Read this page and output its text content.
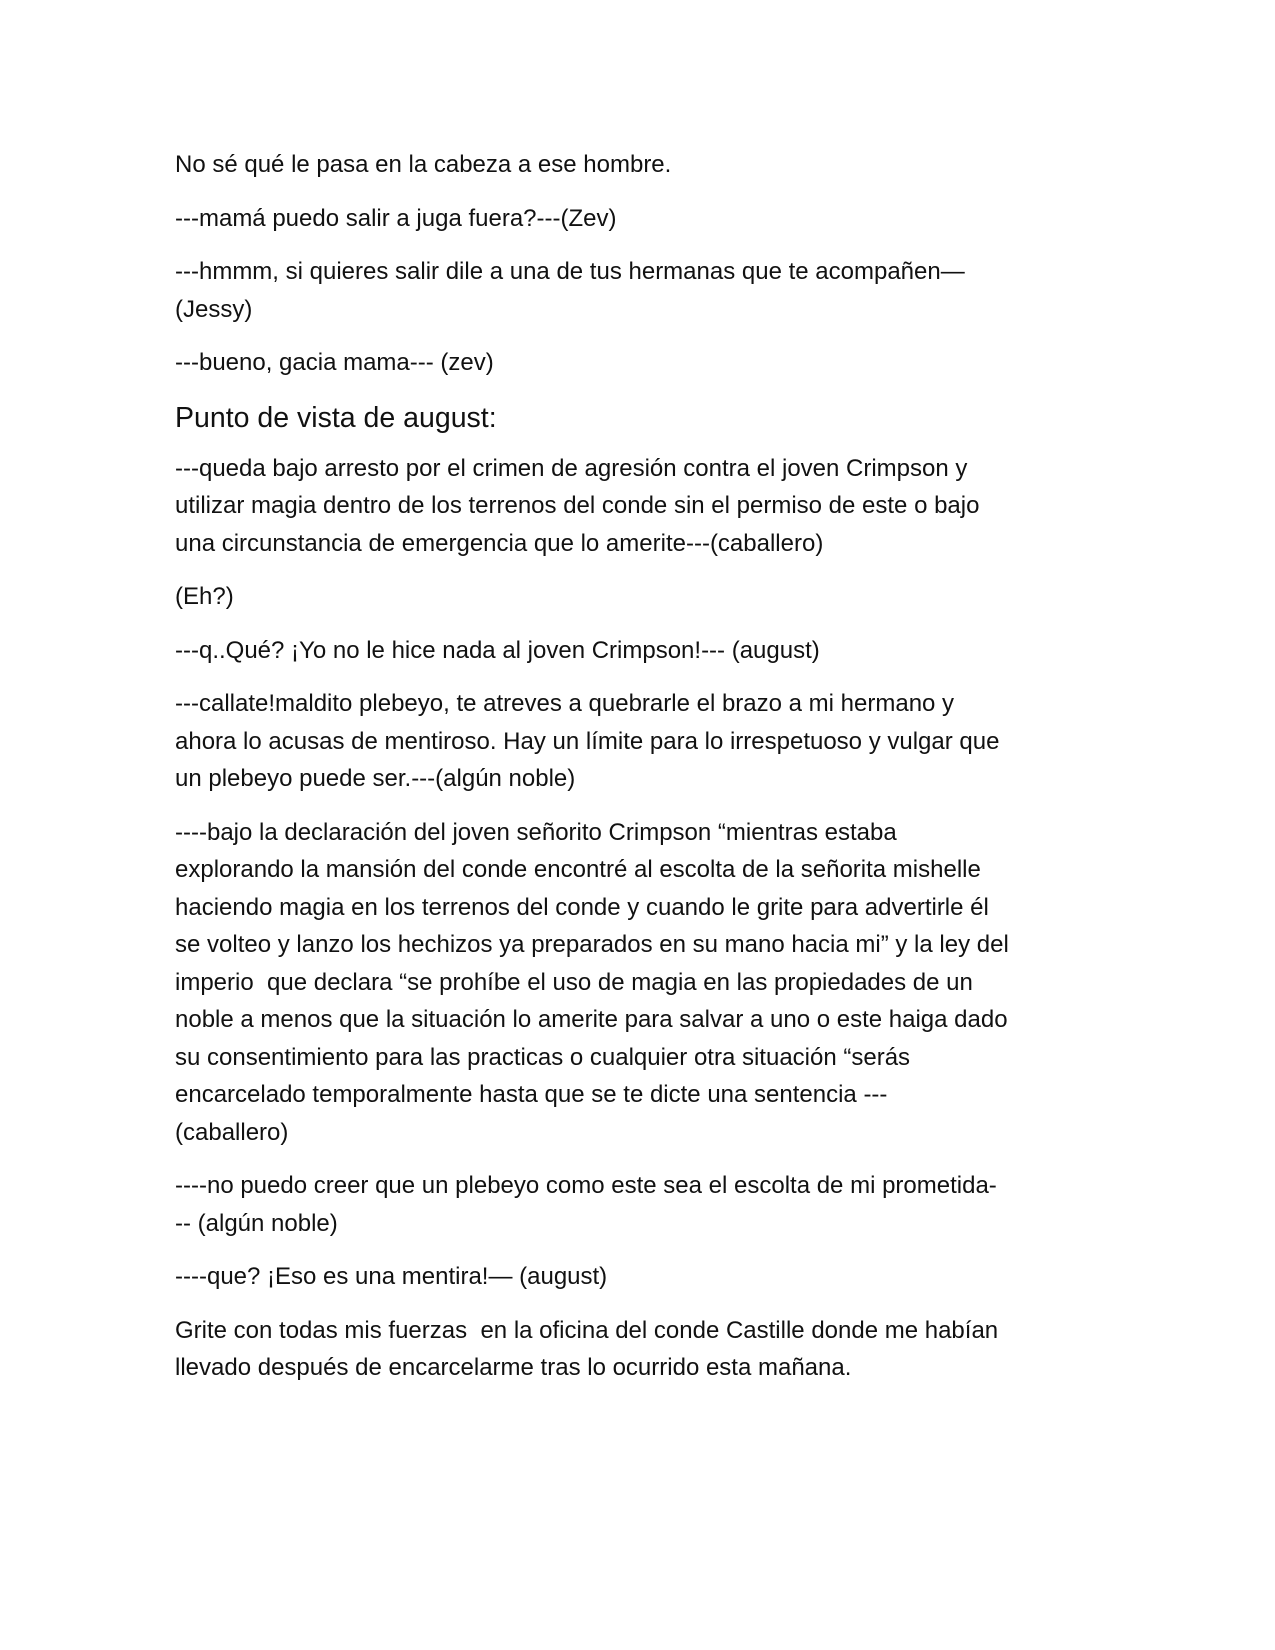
No sé qué le pasa en la cabeza a ese hombre.

---mamá puedo salir a juga fuera?---(Zev)

---hmmm, si quieres salir dile a una de tus hermanas que te acompañen—
(Jessy)

---bueno, gacia mama--- (zev)

Punto de vista de august:

---queda bajo arresto por el crimen de agresión contra el joven Crimpson y
utilizar magia dentro de los terrenos del conde sin el permiso de este o bajo
una circunstancia de emergencia que lo amerite---(caballero)

(Eh?)

---q..Qué? ¡Yo no le hice nada al joven Crimpson!--- (august)

---callate!maldito plebeyo, te atreves a quebrarle el brazo a mi hermano y
ahora lo acusas de mentiroso. Hay un límite para lo irrespetuoso y vulgar que
un plebeyo puede ser.---(algún noble)

----bajo la declaración del joven señorito Crimpson “mientras estaba
explorando la mansión del conde encontré al escolta de la señorita mishelle
haciendo magia en los terrenos del conde y cuando le grite para advertirle él
se volteo y lanzo los hechizos ya preparados en su mano hacia mi” y la ley del
imperio  que declara “se prohíbe el uso de magia en las propiedades de un
noble a menos que la situación lo amerite para salvar a uno o este haiga dado
su consentimiento para las practicas o cualquier otra situación “serás
encarcelado temporalmente hasta que se te dicte una sentencia ---
(caballero)

----no puedo creer que un plebeyo como este sea el escolta de mi prometida-
-- (algún noble)

----que? ¡Eso es una mentira!— (august)

Grite con todas mis fuerzas  en la oficina del conde Castille donde me habían
llevado después de encarcelarme tras lo ocurrido esta mañana.
